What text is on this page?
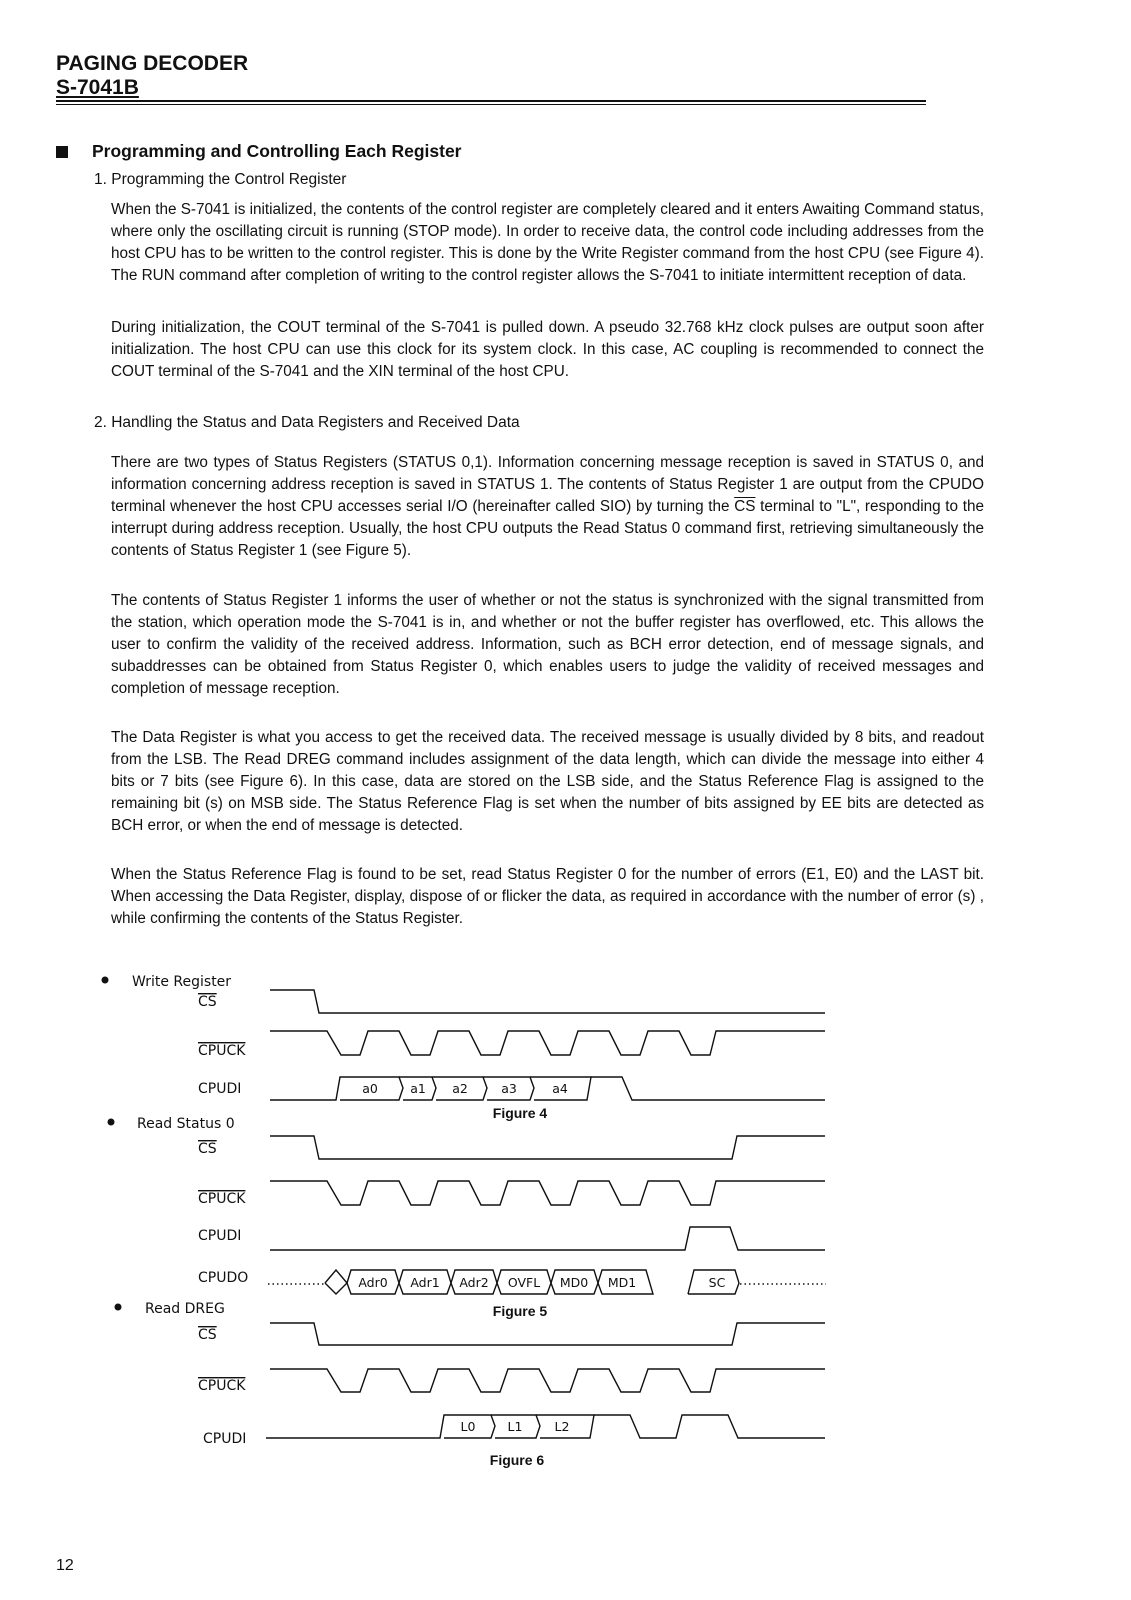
PAGING DECODER
S-7041B
Programming and Controlling Each Register
1. Programming the Control Register

When the S-7041 is initialized, the contents of the control register are completely cleared and it enters Awaiting Command status, where only the oscillating circuit is running (STOP mode). In order to receive data, the control code including addresses from the host CPU has to be written to the control register. This is done by the Write Register command from the host CPU (see Figure 4). The RUN command after completion of writing to the control register allows the S-7041 to initiate intermittent reception of data.

During initialization, the COUT terminal of the S-7041 is pulled down. A pseudo 32.768 kHz clock pulses are output soon after initialization. The host CPU can use this clock for its system clock. In this case, AC coupling is recommended to connect the COUT terminal of the S-7041 and the XIN terminal of the host CPU.

2. Handling the Status and Data Registers and Received Data

There are two types of Status Registers (STATUS 0,1). Information concerning message reception is saved in STATUS 0, and information concerning address reception is saved in STATUS 1. The contents of Status Register 1 are output from the CPUDO terminal whenever the host CPU accesses serial I/O (hereinafter called SIO) by turning the $\overline{CS}$ terminal to "L", responding to the interrupt during address reception. Usually, the host CPU outputs the Read Status 0 command first, retrieving simultaneously the contents of Status Register 1 (see Figure 5).

The contents of Status Register 1 informs the user of whether or not the status is synchronized with the signal transmitted from the station, which operation mode the S-7041 is in, and whether or not the buffer register has overflowed, etc. This allows the user to confirm the validity of the received address. Information, such as BCH error detection, end of message signals, and subaddresses can be obtained from Status Register 0, which enables users to judge the validity of received messages and completion of message reception.

The Data Register is what you access to get the received data. The received message is usually divided by 8 bits, and readout from the LSB. The Read DREG command includes assignment of the data length, which can divide the message into either 4 bits or 7 bits (see Figure 6). In this case, data are stored on the LSB side, and the Status Reference Flag is assigned to the remaining bit (s) on MSB side. The Status Reference Flag is set when the number of bits assigned by EE bits are detected as BCH error, or when the end of message is detected.

When the Status Reference Flag is found to be set, read Status Register 0 for the number of errors (E1, E0) and the LAST bit. When accessing the Data Register, display, dispose of or flicker the data, as required in accordance with the number of error (s) , while confirming the contents of the Status Register.

Write Register
CS
CPUCK
CPUDI	a0	a1 a2	a3	a4
Figure 4
Read Status 0
CS
CPUCK
CPUDI
CPUDO	Adr0 Adr1 Adr2 OVFL MD0 MD1	SC
Figure 5
Read DREG
CS
CPUCK
CPUDI
L0	L1	L2
Figure 6
12
